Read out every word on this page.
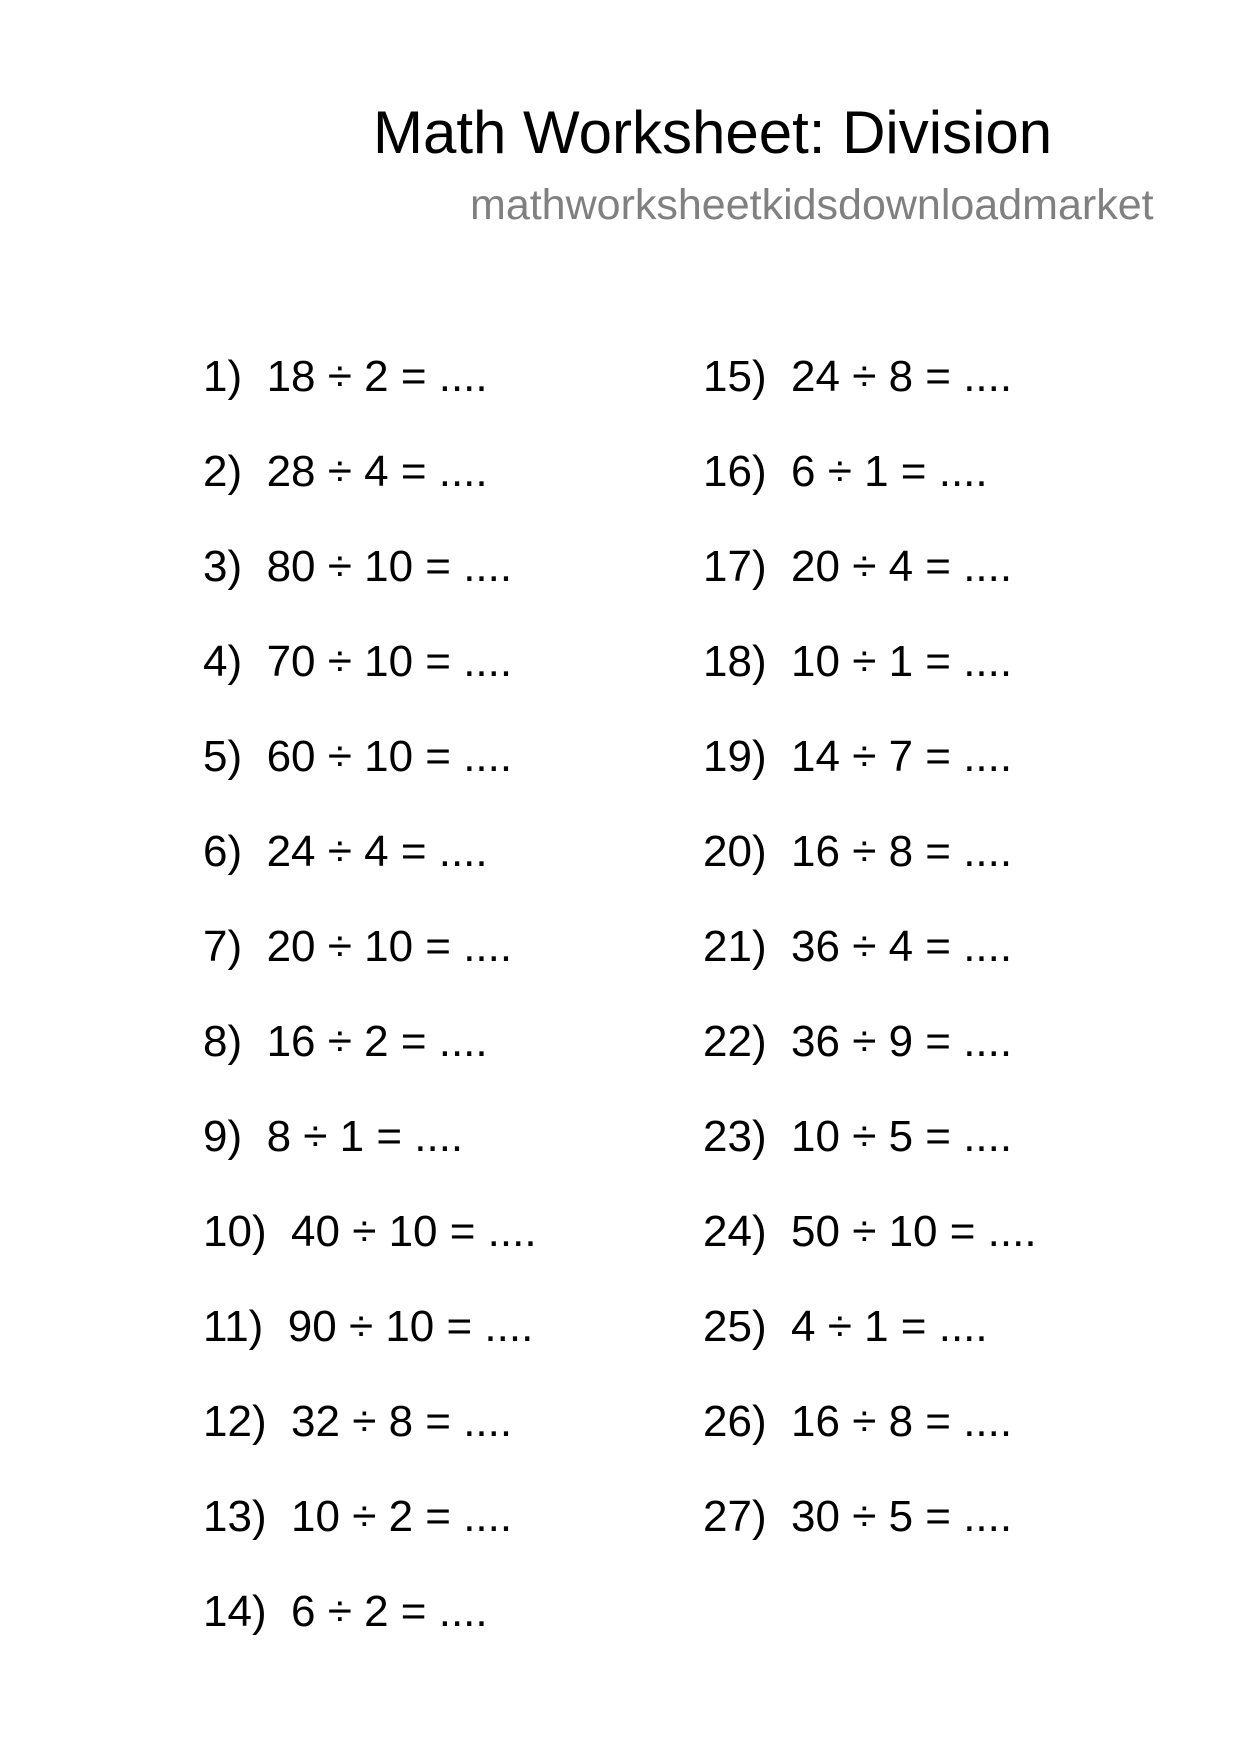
Math Worksheet: Division
mathworksheetkidsdownloadmarket
1) 18 ÷ 2 = ....
2) 28 ÷ 4 = ....
3) 80 ÷ 10 = ....
4) 70 ÷ 10 = ....
5) 60 ÷ 10 = ....
6) 24 ÷ 4 = ....
7) 20 ÷ 10 = ....
8) 16 ÷ 2 = ....
9) 8 ÷ 1 = ....
10) 40 ÷ 10 = ....
11) 90 ÷ 10 = ....
12) 32 ÷ 8 = ....
13) 10 ÷ 2 = ....
14) 6 ÷ 2 = ....
15) 24 ÷ 8 = ....
16) 6 ÷ 1 = ....
17) 20 ÷ 4 = ....
18) 10 ÷ 1 = ....
19) 14 ÷ 7 = ....
20) 16 ÷ 8 = ....
21) 36 ÷ 4 = ....
22) 36 ÷ 9 = ....
23) 10 ÷ 5 = ....
24) 50 ÷ 10 = ....
25) 4 ÷ 1 = ....
26) 16 ÷ 8 = ....
27) 30 ÷ 5 = ....
